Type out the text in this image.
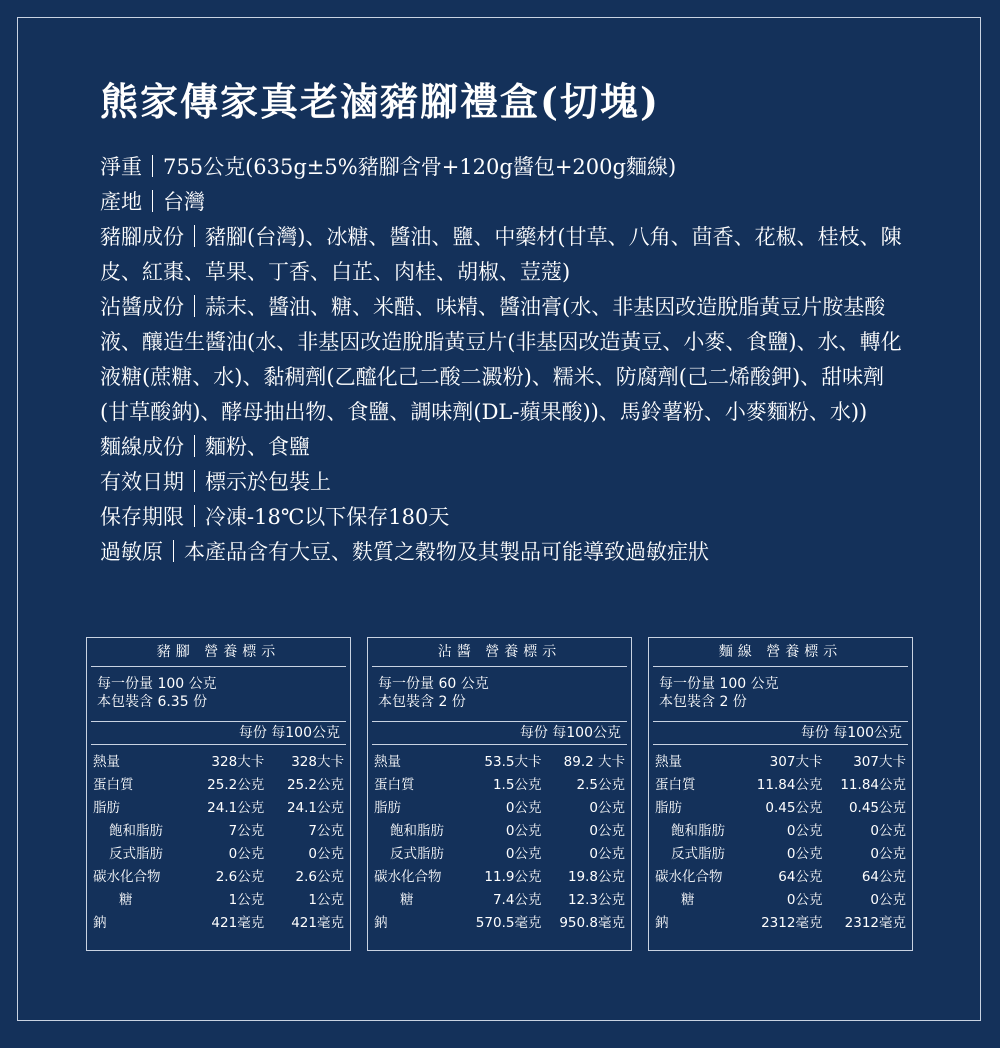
熊家傳家真老滷豬腳禮盒(切塊)
淨重 755公克(635g±5%豬腳含骨+120g醬包+200g麵線)
產地 台灣
豬腳成份 豬腳(台灣)、冰糖、醬油、鹽、中藥材(甘草、八角、茴香、花椒、桂枝、陳皮、紅棗、草果、丁香、白芷、肉桂、胡椒、荳蔻)
沾醬成份 蒜末、醬油、糖、米醋、味精、醬油膏(水、非基因改造脫脂黃豆片胺基酸液、釀造生醬油(水、非基因改造脫脂黃豆片(非基因改造黃豆、小麥、食鹽)、水、轉化液糖(蔗糖、水)、黏稠劑(乙醯化己二酸二澱粉)、糯米、防腐劑(己二烯酸鉀)、甜味劑(甘草酸鈉)、酵母抽出物、食鹽、調味劑(DL-蘋果酸))、馬鈴薯粉、小麥麵粉、水))
麵線成份 麵粉、食鹽
有效日期 標示於包裝上
保存期限 冷凍-18℃以下保存180天
過敏原 本產品含有大豆、麩質之穀物及其製品可能導致過敏症狀
豬腳 營養標示
每一份量 100 公克
本包裝含 6.35 份
每份 每100公克
熱量	328大卡	328大卡
蛋白質	25.2公克	25.2公克
脂肪	24.1公克	24.1公克
飽和脂肪	7公克	7公克
反式脂肪	0公克	0公克
碳水化合物	2.6公克	2.6公克
糖	1公克	1公克
鈉	421毫克	421毫克
沾醬 營養標示
每一份量 60 公克
本包裝含 2 份
每份 每100公克
熱量	53.5大卡	89.2 大卡
蛋白質	1.5公克	2.5公克
脂肪	0公克	0公克
飽和脂肪	0公克	0公克
反式脂肪	0公克	0公克
碳水化合物	11.9公克	19.8公克
糖	7.4公克	12.3公克
鈉	570.5毫克	950.8毫克
麵線 營養標示
每一份量 100 公克
本包裝含 2 份
每份 每100公克
熱量	307大卡	307大卡
蛋白質	11.84公克	11.84公克
脂肪	0.45公克	0.45公克
飽和脂肪	0公克	0公克
反式脂肪	0公克	0公克
碳水化合物	64公克	64公克
糖	0公克	0公克
鈉	2312毫克	2312毫克
